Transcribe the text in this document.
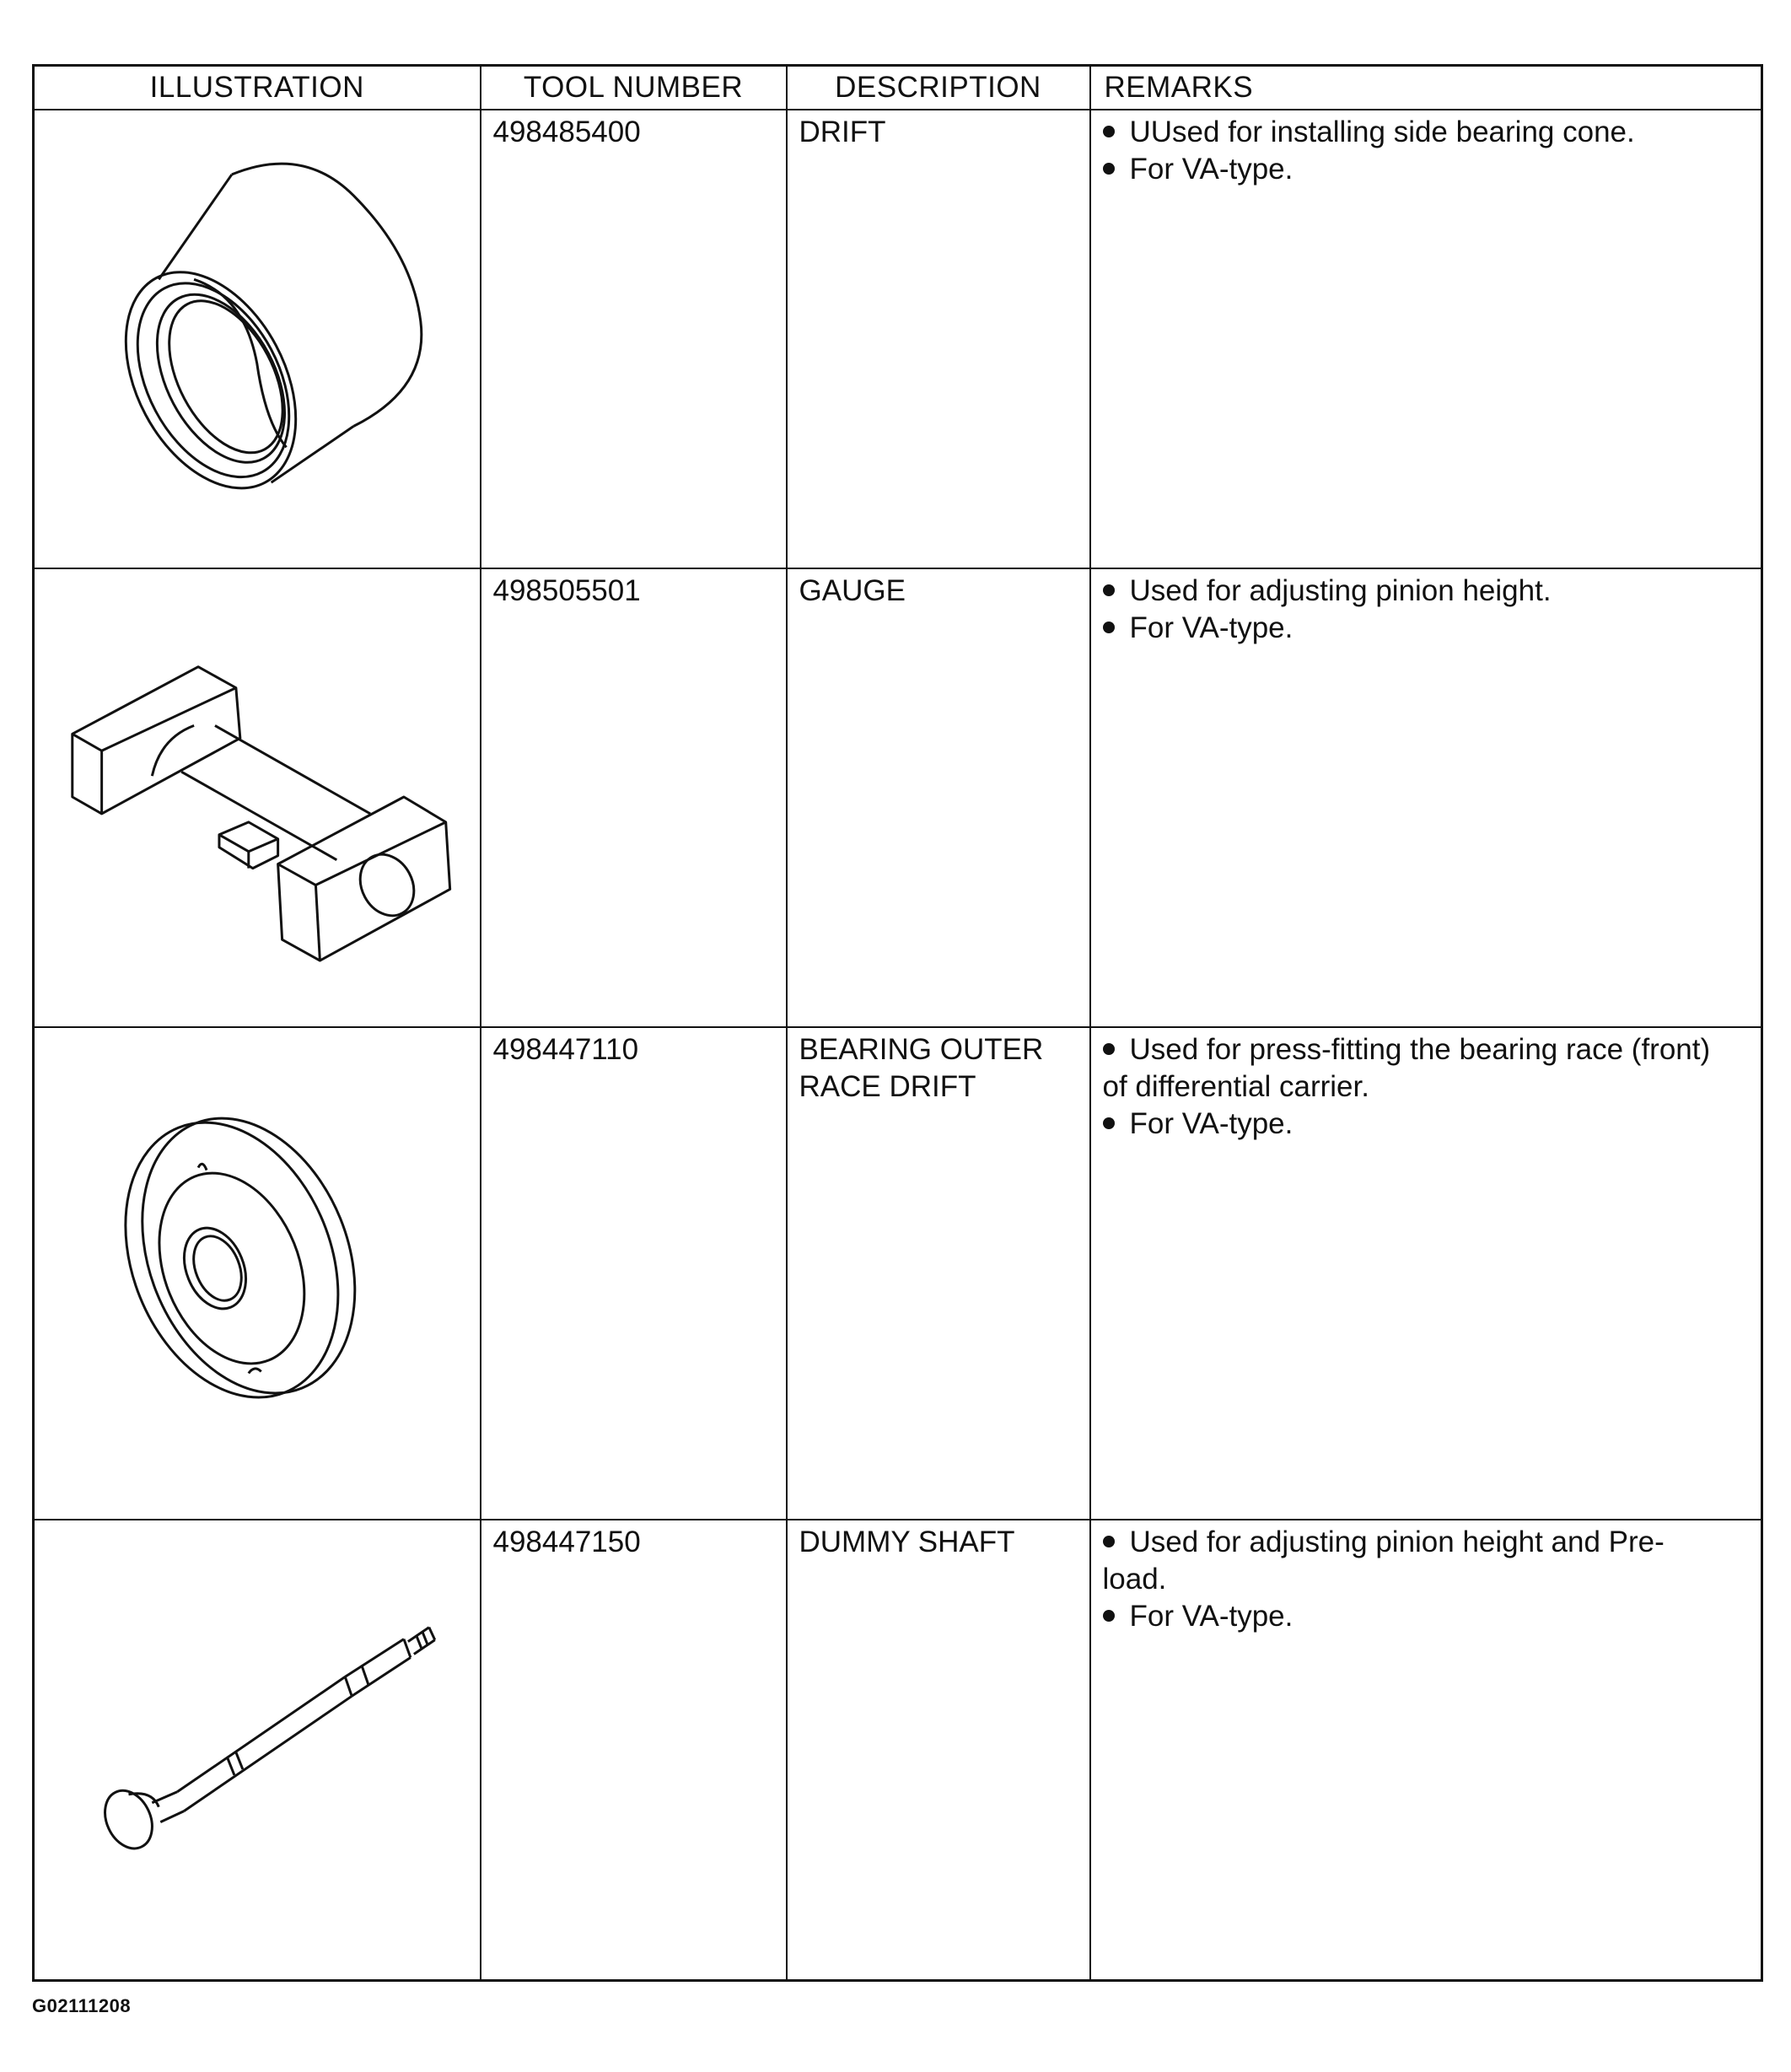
ILLUSTRATION	TOOL NUMBER	DESCRIPTION	REMARKS

498485400	DRIFT	UUsed for installing side bearing cone.
For VA-type.

498505501	GAUGE	Used for adjusting pinion height.
For VA-type.

498447110	BEARING OUTER
RACE DRIFT	Used for press-fitting the bearing race (front)
of differential carrier.
For VA-type.

498447150	DUMMY SHAFT	Used for adjusting pinion height and Pre-
load.
For VA-type.
G02111208
